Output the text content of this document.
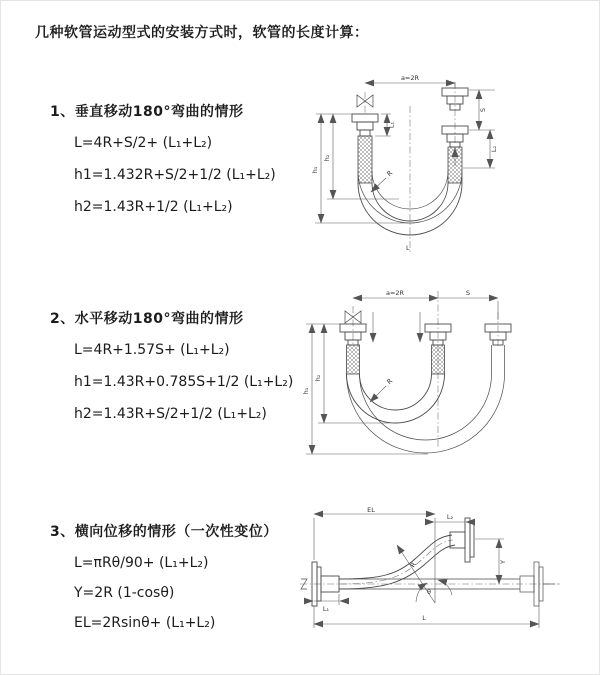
几种软管运动型式的安装方式时，软管的长度计算：
1、垂直移动180°弯曲的情形
L=4R+S/2+ (L₁+L₂)
h1=1.432R+S/2+1/2 (L₁+L₂)
h2=1.43R+1/2 (L₁+L₂)
a=2R
L₁
S
L₂
h₁
h₂
R
L
2、水平移动180°弯曲的情形
L=4R+1.57S+ (L₁+L₂)
h1=1.43R+0.785S+1/2 (L₁+L₂)
h2=1.43R+S/2+1/2 (L₁+L₂)
a=2R	S
h₁
h₂	R
3、横向位移的情形（一次性变位）
L=πRθ/90+ (L₁+L₂)
Y=2R (1-cosθ)
EL=2Rsinθ+ (L₁+L₂)
EL
L₂
Y
L
L₁
R
θ
